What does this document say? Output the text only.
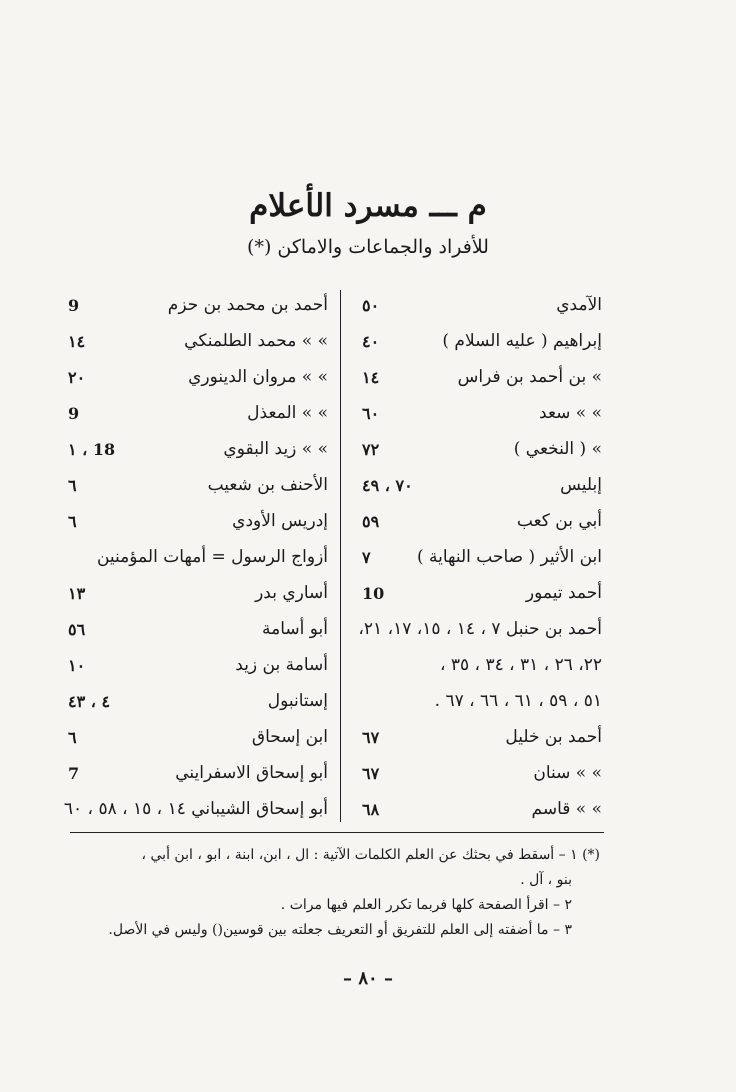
م ـــ مسرد الأعلام
للأفراد والجماعات والاماكن (*)
الآمدي
٥٠
إبراهيم ( عليه السلام )
٤٠
» بن أحمد بن فراس
١٤
» » سعد
٦٠
» ( النخعي )
٧٢
إبليس
٧٠ ، ٤٩
أبي بن كعب
٥٩
ابن الأثير ( صاحب النهاية )
٧
أحمد تيمور
10
أحمد بن حنبل ٧ ، ١٤ ، ١٥، ١٧، ٢١،
٢٢، ٢٦ ، ٣١ ، ٣٤ ، ٣٥ ،
٥١ ، ٥٩ ، ٦١ ، ٦٦ ، ٦٧ .
أحمد بن خليل
٦٧
» » سنان
٦٧
» » قاسم
٦٨
أحمد بن محمد بن حزم
9
» » محمد الطلمنكي
١٤
» » مروان الدينوري
٢٠
» » المعذل
9
» » زيد البقوي
18 ، ١
الأحنف بن شعيب
٦
إدريس الأودي
٦
أزواج الرسول = أمهات المؤمنين
أساري بدر
١٣
أبو أسامة
٥٦
أسامة بن زيد
١٠
إستانبول
٤ ، ٤٣
ابن إسحاق
٦
أبو إسحاق الاسفرايني
7
أبو إسحاق الشيباني ١٤ ، ١٥ ، ٥٨ ، ٦٠

(*) ١ – أسقط في بحثك عن العلم الكلمات الآتية : ال ، ابن، ابنة ، ابو ، ابن أبي ،

بنو ، آل .

٢ – اقرأ الصفحة كلها فربما تكرر العلم فيها مرات .

٣ – ما أضفته إلى العلم للتفريق أو التعريف جعلته بين قوسين() وليس في الأصل.

– ٨٠ –
